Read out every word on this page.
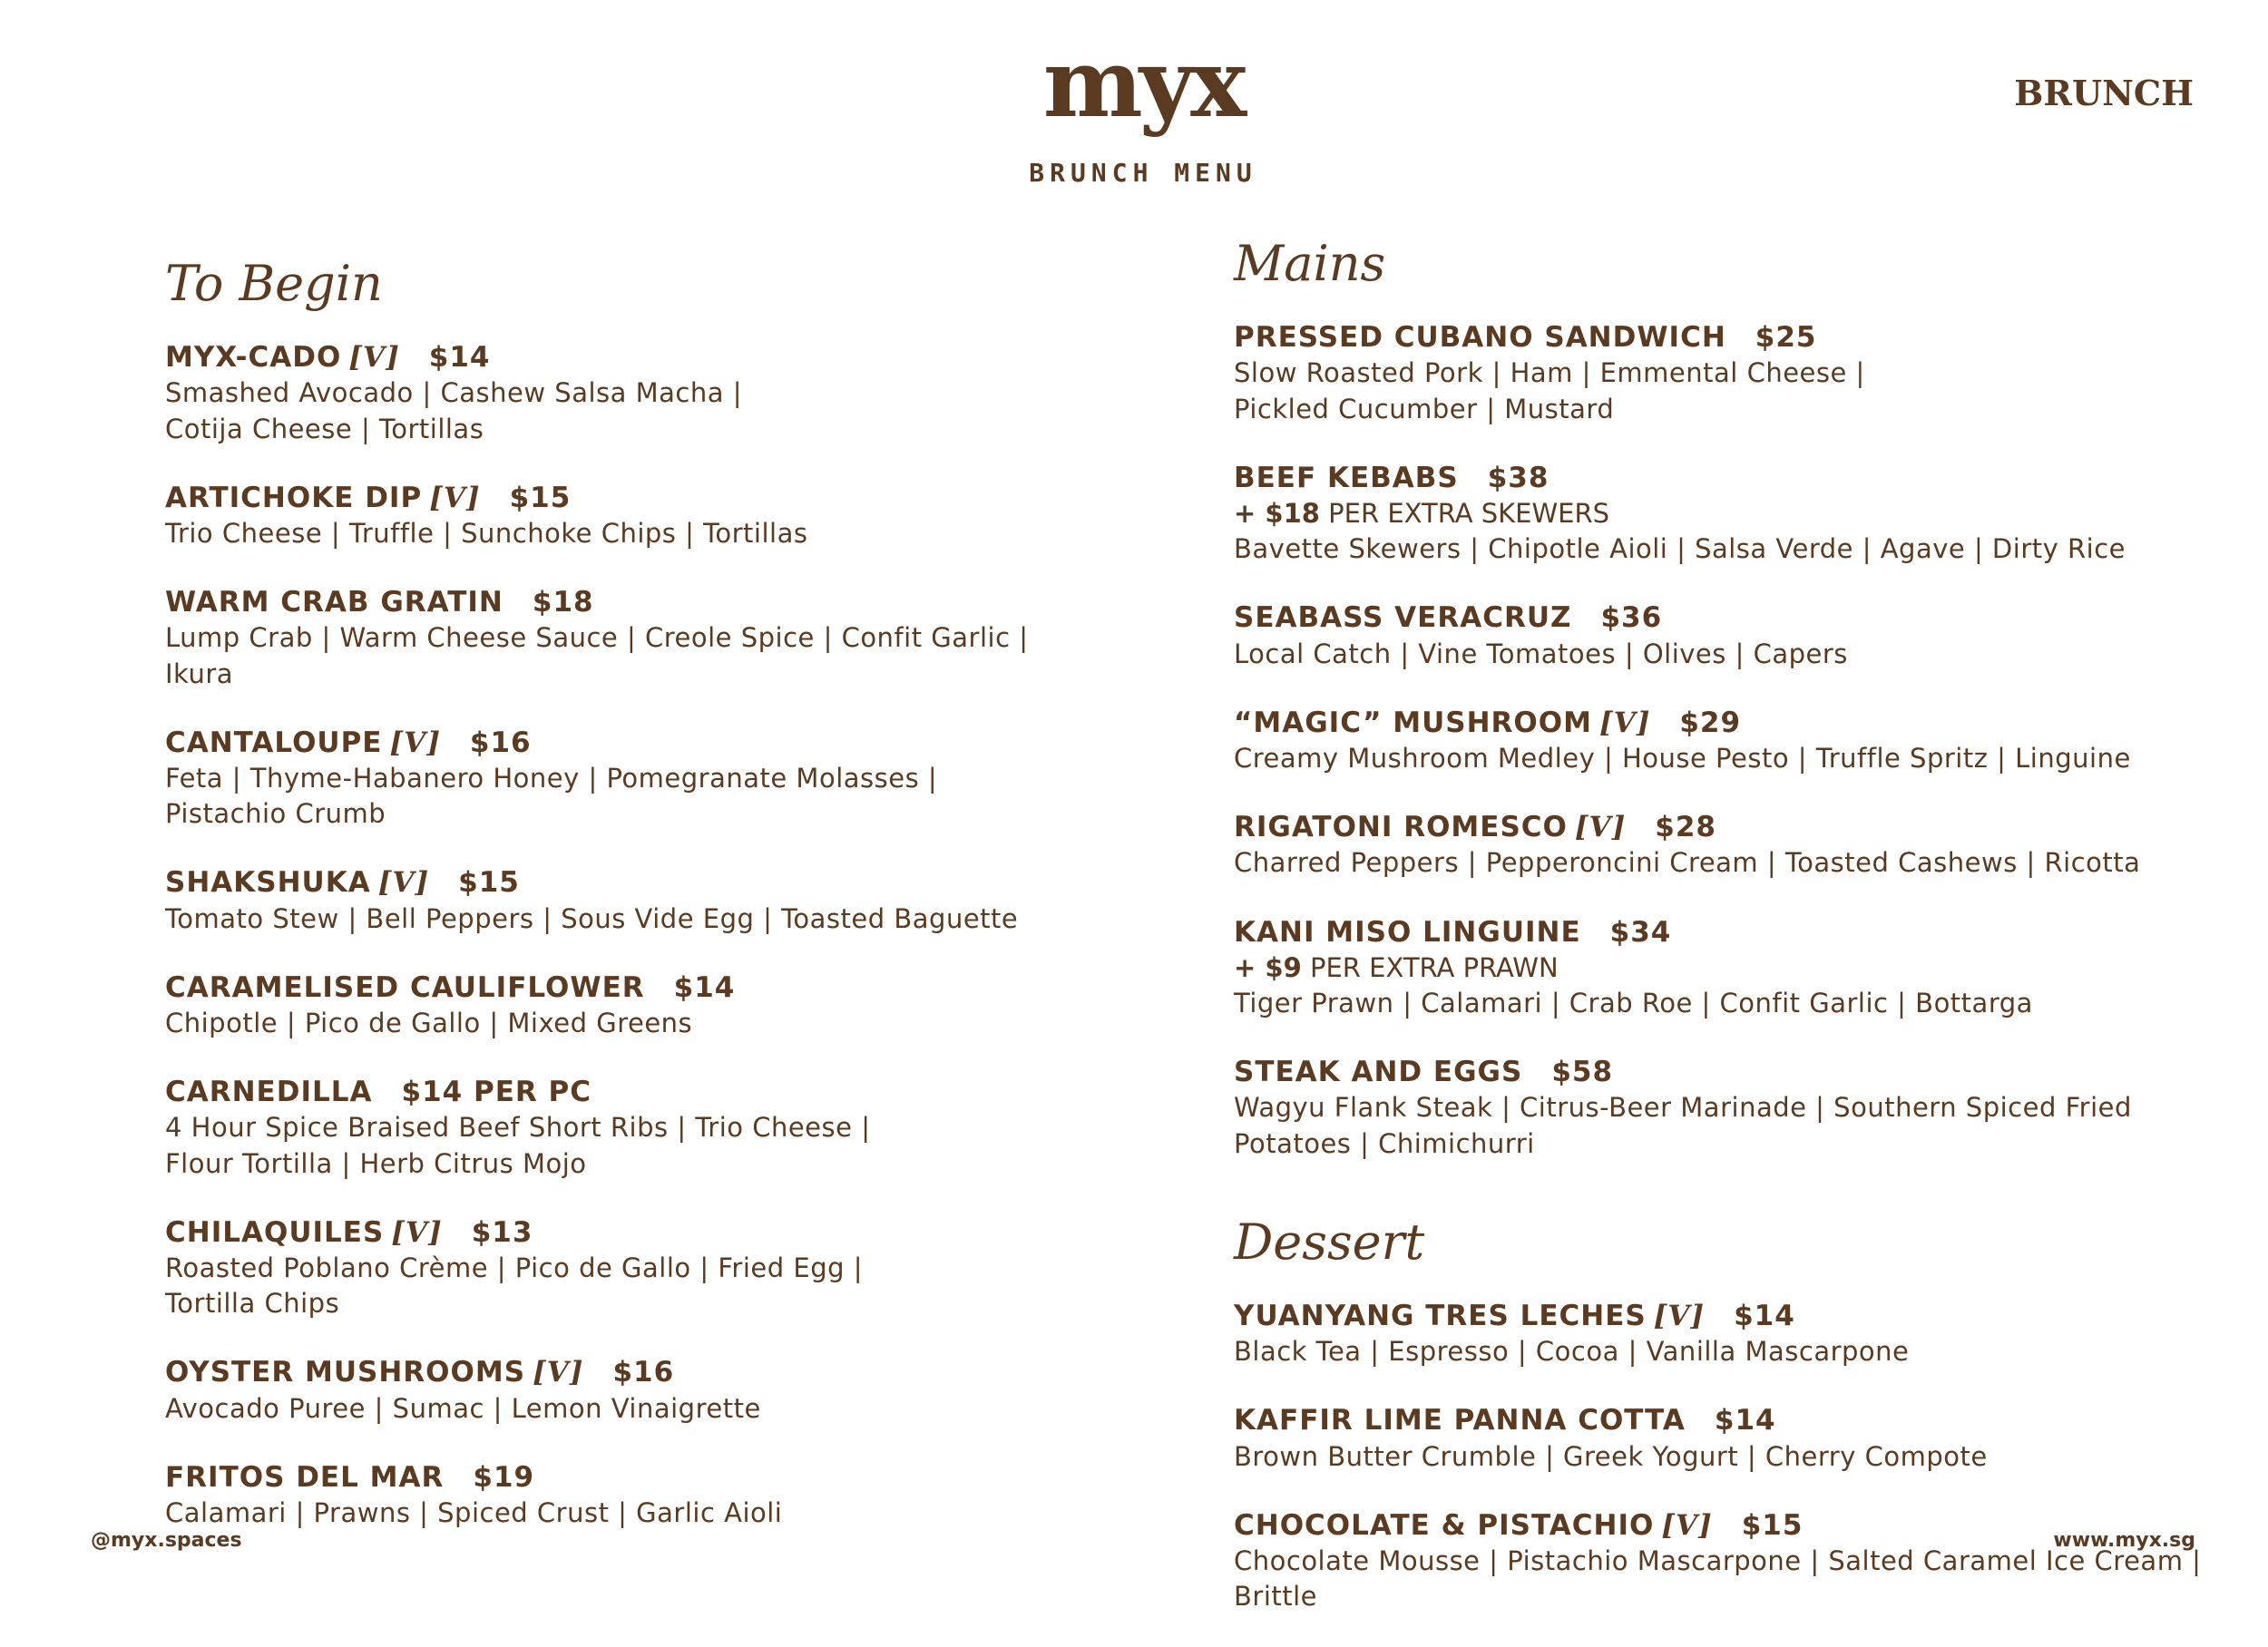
myx
BRUNCH MENU
BRUNCH
To Begin
MYX-CADO [V] $14
Smashed Avocado | Cashew Salsa Macha |
Cotija Cheese | Tortillas
ARTICHOKE DIP [V] $15
Trio Cheese | Truffle | Sunchoke Chips | Tortillas
WARM CRAB GRATIN $18
Lump Crab | Warm Cheese Sauce | Creole Spice | Confit Garlic |
Ikura
CANTALOUPE [V] $16
Feta | Thyme-Habanero Honey | Pomegranate Molasses |
Pistachio Crumb
SHAKSHUKA [V] $15
Tomato Stew | Bell Peppers | Sous Vide Egg | Toasted Baguette
CARAMELISED CAULIFLOWER $14
Chipotle | Pico de Gallo | Mixed Greens
CARNEDILLA $14 PER PC
4 Hour Spice Braised Beef Short Ribs | Trio Cheese |
Flour Tortilla | Herb Citrus Mojo
CHILAQUILES [V] $13
Roasted Poblano Crème | Pico de Gallo | Fried Egg |
Tortilla Chips
OYSTER MUSHROOMS [V] $16
Avocado Puree | Sumac | Lemon Vinaigrette
FRITOS DEL MAR $19
Calamari | Prawns | Spiced Crust | Garlic Aioli
Mains
PRESSED CUBANO SANDWICH $25
Slow Roasted Pork | Ham | Emmental Cheese |
Pickled Cucumber | Mustard
BEEF KEBABS $38
+ $18 PER EXTRA SKEWERS
Bavette Skewers | Chipotle Aioli | Salsa Verde | Agave | Dirty Rice
SEABASS VERACRUZ $36
Local Catch | Vine Tomatoes | Olives | Capers
“MAGIC” MUSHROOM [V] $29
Creamy Mushroom Medley | House Pesto | Truffle Spritz | Linguine
RIGATONI ROMESCO [V] $28
Charred Peppers | Pepperoncini Cream | Toasted Cashews | Ricotta
KANI MISO LINGUINE $34
+ $9 PER EXTRA PRAWN
Tiger Prawn | Calamari | Crab Roe | Confit Garlic | Bottarga
STEAK AND EGGS $58
Wagyu Flank Steak | Citrus-Beer Marinade | Southern Spiced Fried
Potatoes | Chimichurri
Dessert
YUANYANG TRES LECHES [V] $14
Black Tea | Espresso | Cocoa | Vanilla Mascarpone
KAFFIR LIME PANNA COTTA $14
Brown Butter Crumble | Greek Yogurt | Cherry Compote
CHOCOLATE & PISTACHIO [V] $15
Chocolate Mousse | Pistachio Mascarpone | Salted Caramel Ice Cream |
Brittle
@myx.spaces	www.myx.sg
